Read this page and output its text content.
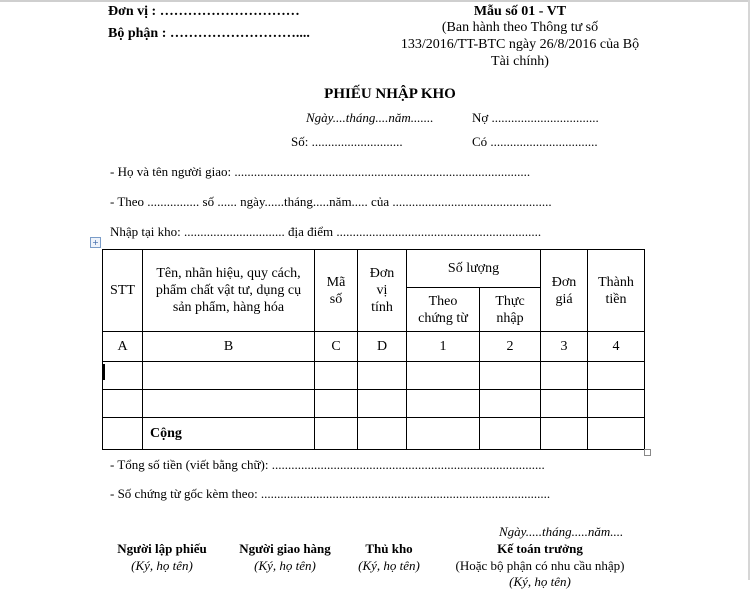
Đơn vị : …………………………
Bộ phận : ………………………....
Mẫu số 01 - VT
(Ban hành theo Thông tư số
133/2016/TT-BTC ngày 26/8/2016 của Bộ
Tài chính)
PHIẾU NHẬP KHO
Ngày....tháng....năm.......	Nợ .................................
Số: ............................	Có .................................
- Họ và tên người giao: ...........................................................................................
- Theo ................ số ...... ngày......tháng.....năm..... của .................................................
Nhập tại kho: ............................... địa điểm ...............................................................
+
STT	Tên, nhãn hiệu, quy cách, phẩm chất vật tư, dụng cụ sản phẩm, hàng hóa	Mã số	Đơn vị tính	Số lượng		Đơn giá	Thành tiền
				Theo chứng từ	Thực nhập		
A	B	C	D	1	2	3	4

	Cộng						
- Tổng số tiền (viết bằng chữ): ....................................................................................
- Số chứng từ gốc kèm theo: .........................................................................................
Ngày.....tháng.....năm....
Người lập phiếu
(Ký, họ tên)
Người giao hàng
(Ký, họ tên)
Thủ kho
(Ký, họ tên)
Kế toán trưởng
(Hoặc bộ phận có nhu cầu nhập)
(Ký, họ tên)
